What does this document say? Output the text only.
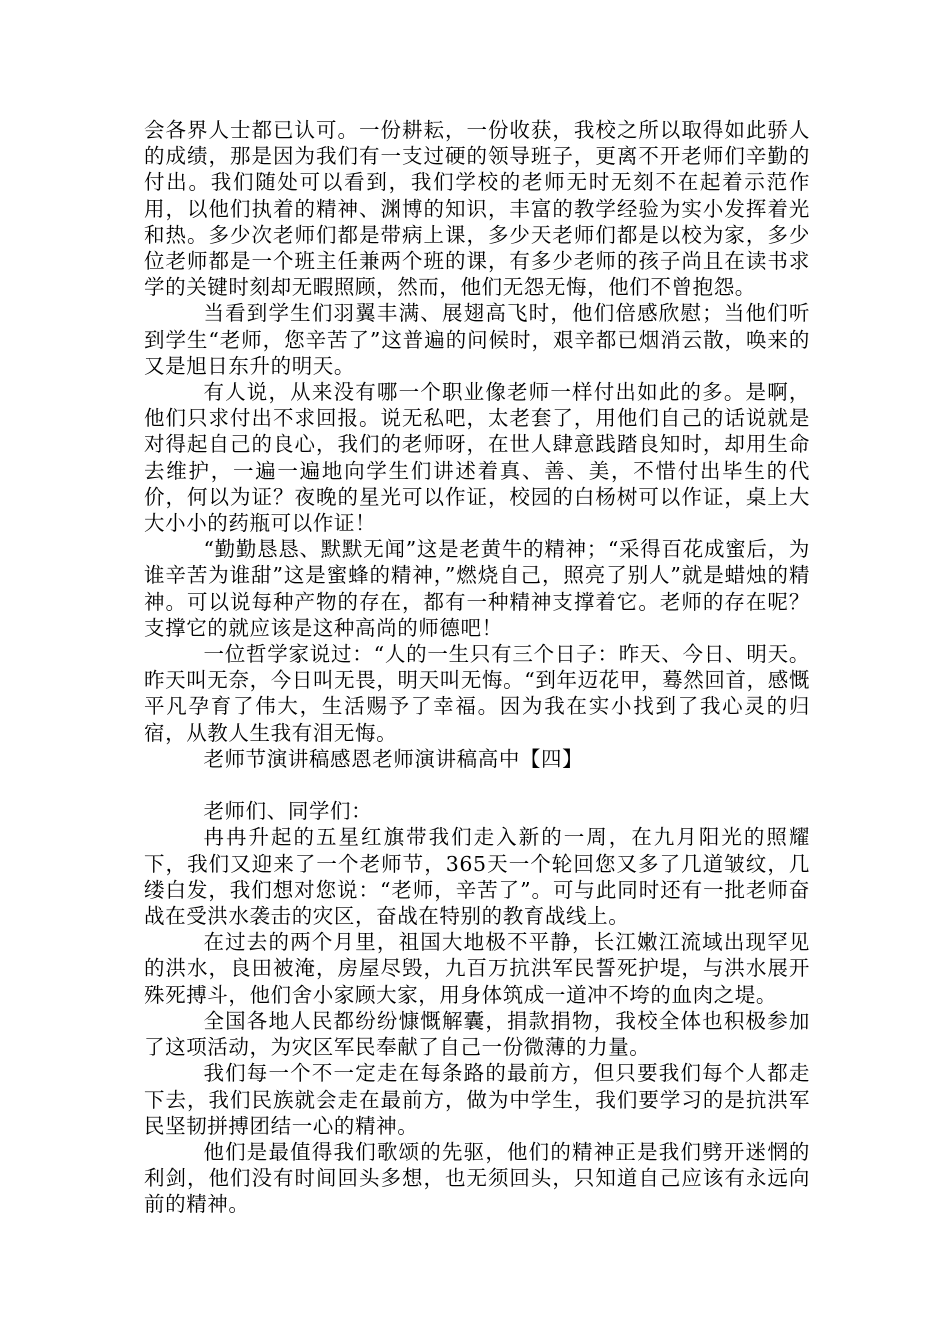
会各界人士都已认可。一份耕耘，一份收获，我校之所以取得如此骄人的成绩，那是因为我们有一支过硬的领导班子，更离不开老师们辛勤的付出。我们随处可以看到，我们学校的老师无时无刻不在起着示范作用，以他们执着的精神、渊博的知识，丰富的教学经验为实小发挥着光和热。多少次老师们都是带病上课，多少天老师们都是以校为家，多少位老师都是一个班主任兼两个班的课，有多少老师的孩子尚且在读书求学的关键时刻却无暇照顾，然而，他们无怨无悔，他们不曾抱怨。

当看到学生们羽翼丰满、展翅高飞时，他们倍感欣慰；当他们听到学生“老师，您辛苦了”这普遍的问候时，艰辛都已烟消云散，唤来的又是旭日东升的明天。

有人说，从来没有哪一个职业像老师一样付出如此的多。是啊，他们只求付出不求回报。说无私吧，太老套了，用他们自己的话说就是对得起自己的良心，我们的老师呀，在世人肆意践踏良知时，却用生命去维护，一遍一遍地向学生们讲述着真、善、美，不惜付出毕生的代价，何以为证？夜晚的星光可以作证，校园的白杨树可以作证，桌上大大小小的药瓶可以作证！

“勤勤恳恳、默默无闻”这是老黄牛的精神；“采得百花成蜜后，为谁辛苦为谁甜”这是蜜蜂的精神，”燃烧自己，照亮了别人”就是蜡烛的精神。可以说每种产物的存在，都有一种精神支撑着它。老师的存在呢？支撑它的就应该是这种高尚的师德吧！

一位哲学家说过：“人的一生只有三个日子：昨天、今日、明天。昨天叫无奈，今日叫无畏，明天叫无悔。“到年迈花甲，蓦然回首，感慨平凡孕育了伟大，生活赐予了幸福。因为我在实小找到了我心灵的归宿，从教人生我有泪无悔。

老师节演讲稿感恩老师演讲稿高中【四】

老师们、同学们：

冉冉升起的五星红旗带我们走入新的一周，在九月阳光的照耀下，我们又迎来了一个老师节，365天一个轮回您又多了几道皱纹，几缕白发，我们想对您说：“老师，辛苦了”。可与此同时还有一批老师奋战在受洪水袭击的灾区，奋战在特别的教育战线上。

在过去的两个月里，祖国大地极不平静，长江嫩江流域出现罕见的洪水，良田被淹，房屋尽毁，九百万抗洪军民誓死护堤，与洪水展开殊死搏斗，他们舍小家顾大家，用身体筑成一道冲不垮的血肉之堤。

全国各地人民都纷纷慷慨解囊，捐款捐物，我校全体也积极参加了这项活动，为灾区军民奉献了自己一份微薄的力量。

我们每一个不一定走在每条路的最前方，但只要我们每个人都走下去，我们民族就会走在最前方，做为中学生，我们要学习的是抗洪军民坚韧拼搏团结一心的精神。

他们是最值得我们歌颂的先驱，他们的精神正是我们劈开迷惘的利剑，他们没有时间回头多想，也无须回头，只知道自己应该有永远向前的精神。
